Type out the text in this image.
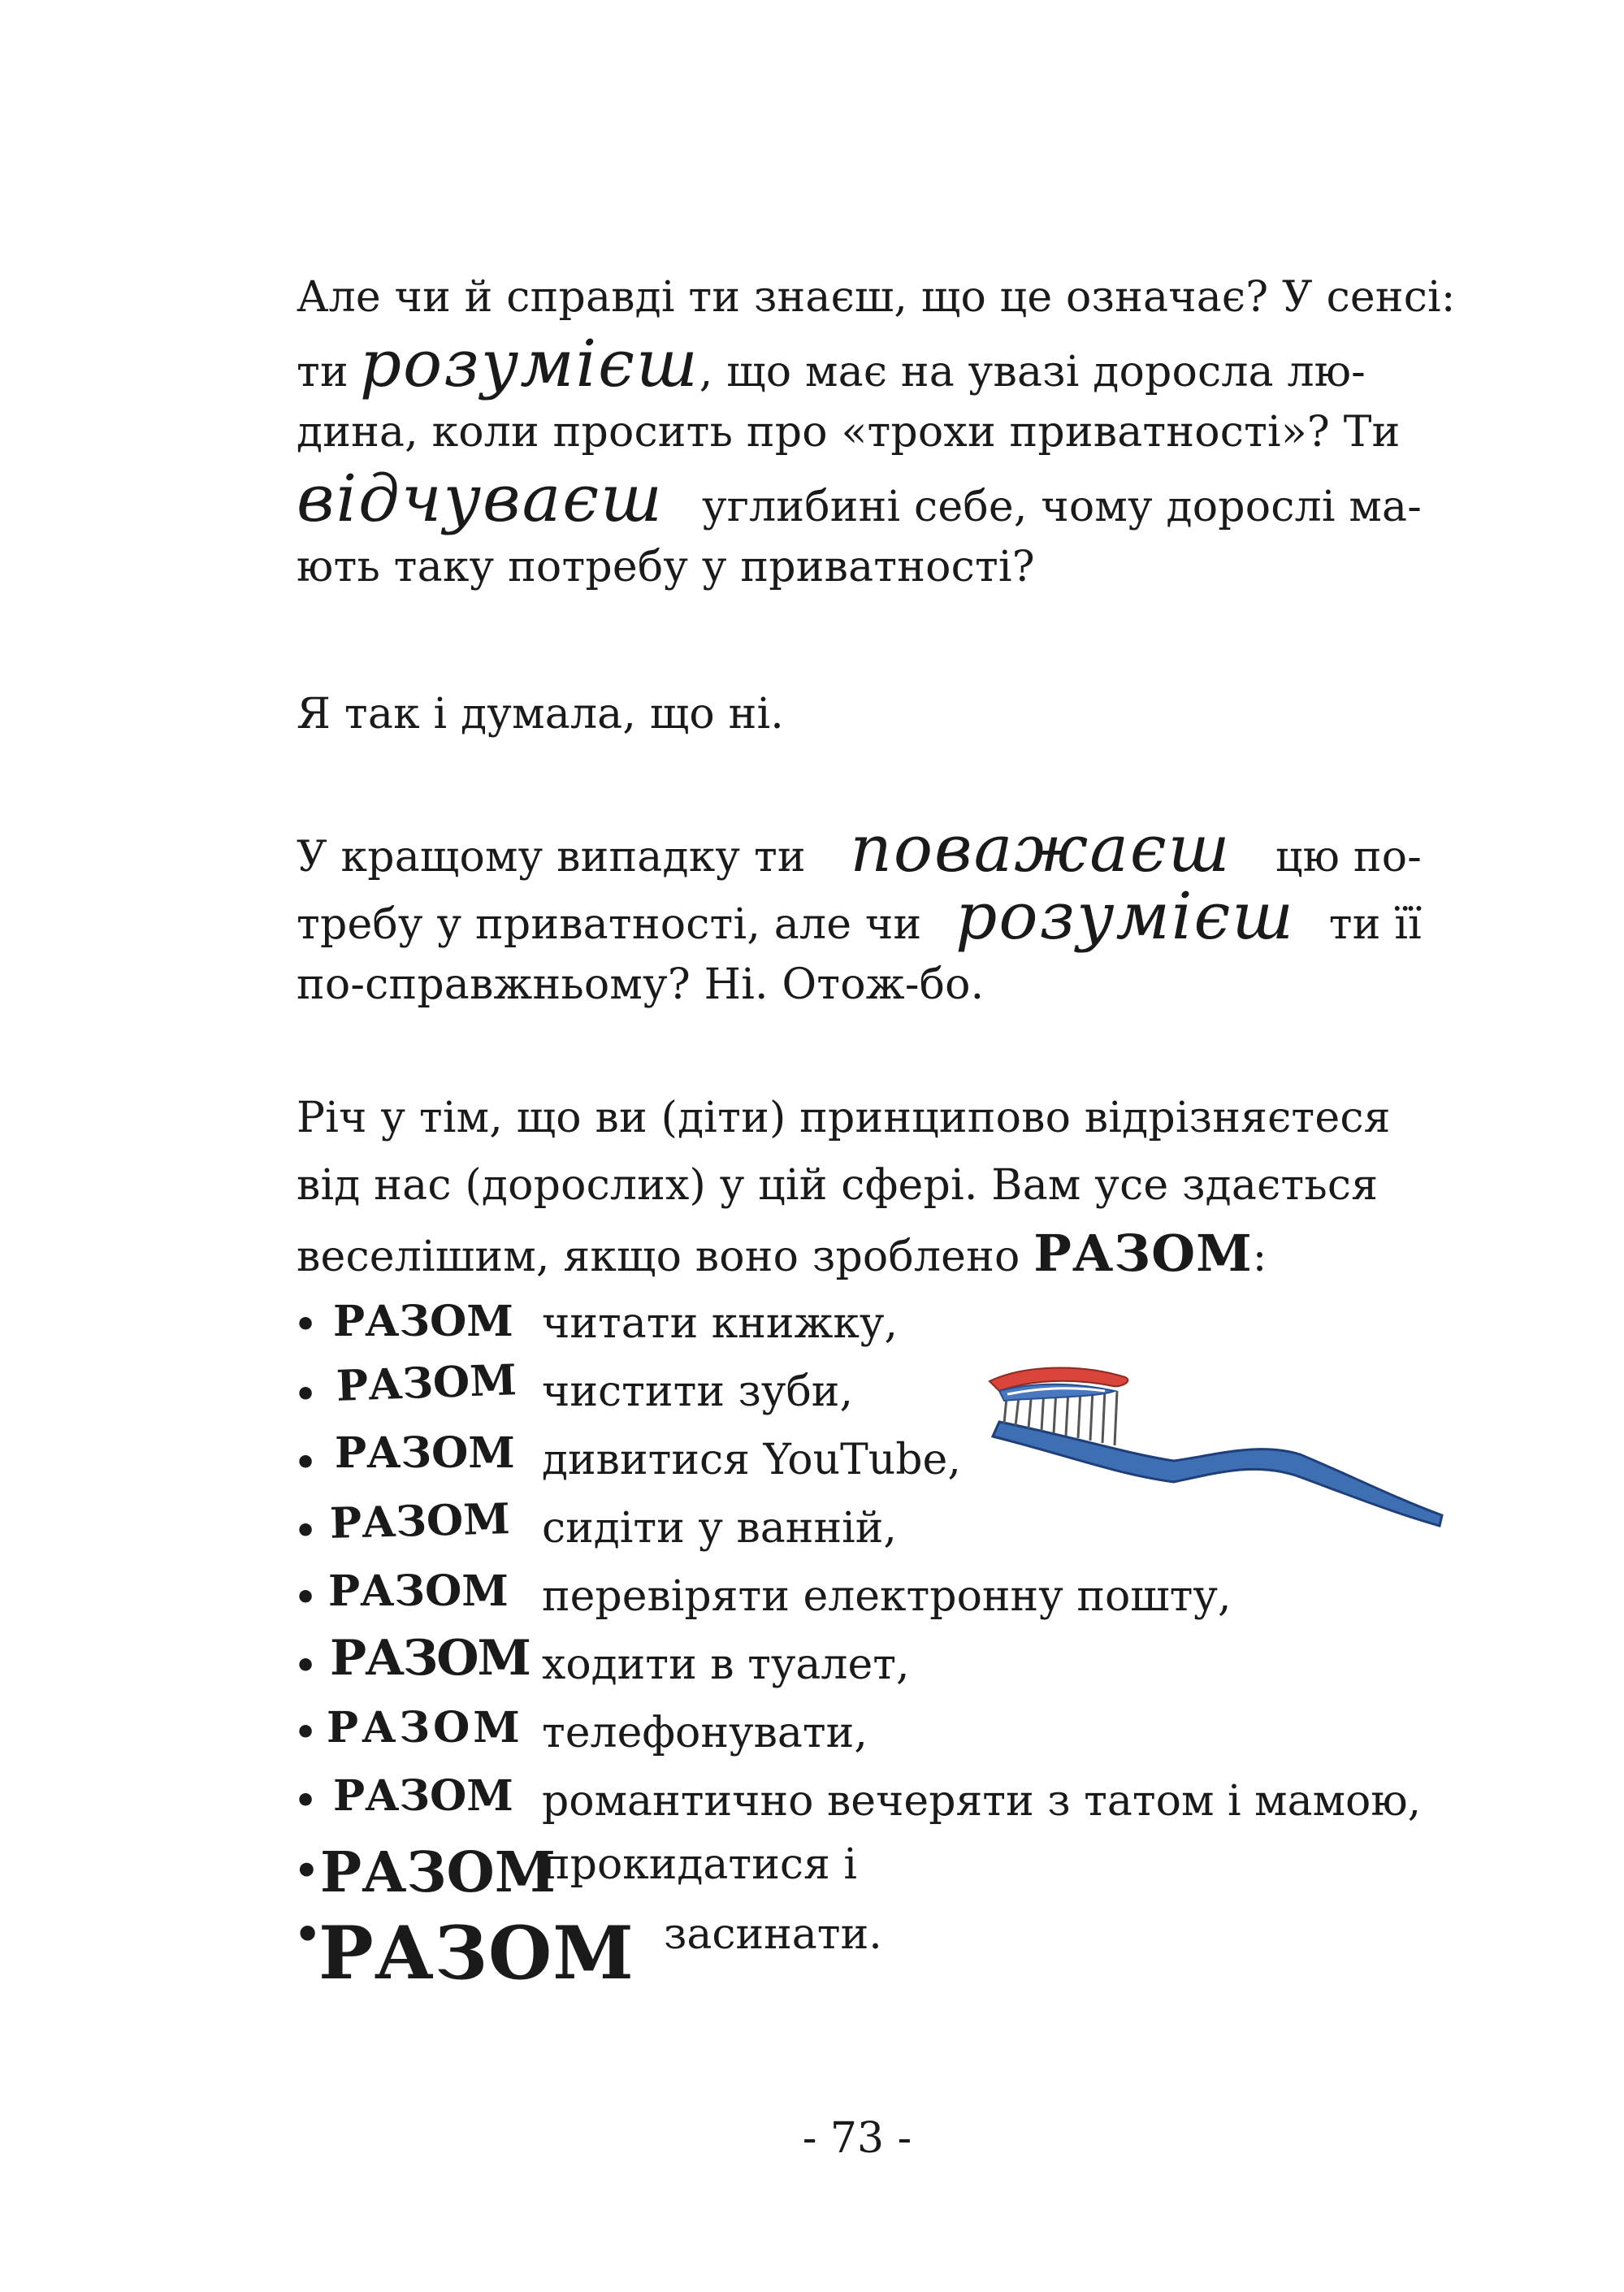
Але чи й справді ти знаєш, що це означає? У сенсі:
ти розумієш, що має на увазі доросла лю-
дина, коли просить про «трохи приватності»? Ти
відчуваєш углибині себе, чому дорослі ма-
ють таку потребу у приватності?
Я так і думала, що ні.
У кращому випадку ти поважаєш цю по-
требу у приватності, але чи розумієш ти її
по-справжньому? Ні. Отож-бо.
Річ у тім, що ви (діти) принципово відрізняєтеся
від нас (дорослих) у цій сфері. Вам усе здається
веселішим, якщо воно зроблено РАЗОМ:
• РАЗОМ читати книжку,
• РАЗОМ чистити зуби,
• РАЗОМ дивитися YouTube,
• РАЗОМ сидіти у ванній,
• РАЗОМ перевіряти електронну пошту,
• РАЗОМ ходити в туалет,
• РАЗОМ телефонувати,
• РАЗОМ романтично вечеряти з татом і мамою,
• РАЗОМ
прокидатися і
•
РАЗОМ засинати.
- 73 -
